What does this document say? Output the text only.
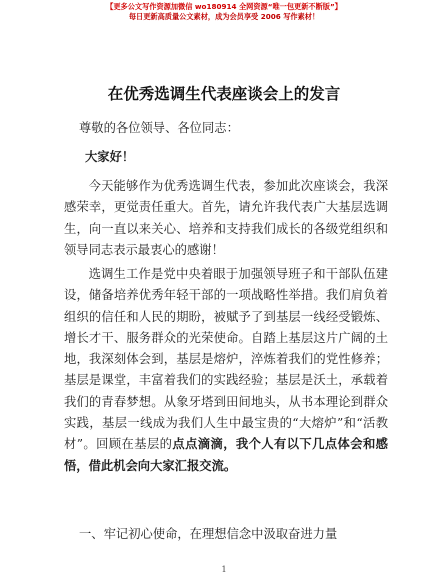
【更多公文写作资源加微信 wo180914 全网资源“唯一包更新不断版”】
每日更新高质量公文素材，成为会员享受 2006 写作素材！
在优秀选调生代表座谈会上的发言
尊敬的各位领导、各位同志：
大家好！

今天能够作为优秀选调生代表，参加此次座谈会，我深感荣幸，更觉责任重大。首先，请允许我代表广大基层选调生，向一直以来关心、培养和支持我们成长的各级党组织和领导同志表示最衷心的感谢！

选调生工作是党中央着眼于加强领导班子和干部队伍建设，储备培养优秀年轻干部的一项战略性举措。我们肩负着组织的信任和人民的期盼，被赋予了到基层一线经受锻炼、增长才干、服务群众的光荣使命。自踏上基层这片广阔的土地，我深刻体会到，基层是熔炉，淬炼着我们的党性修养；基层是课堂，丰富着我们的实践经验；基层是沃土，承载着我们的青春梦想。从象牙塔到田间地头，从书本理论到群众实践，基层一线成为我们人生中最宝贵的“大熔炉”和“活教材”。回顾在基层的点点滴滴，我个人有以下几点体会和感悟，借此机会向大家汇报交流。

一、牢记初心使命，在理想信念中汲取奋进力量
1
